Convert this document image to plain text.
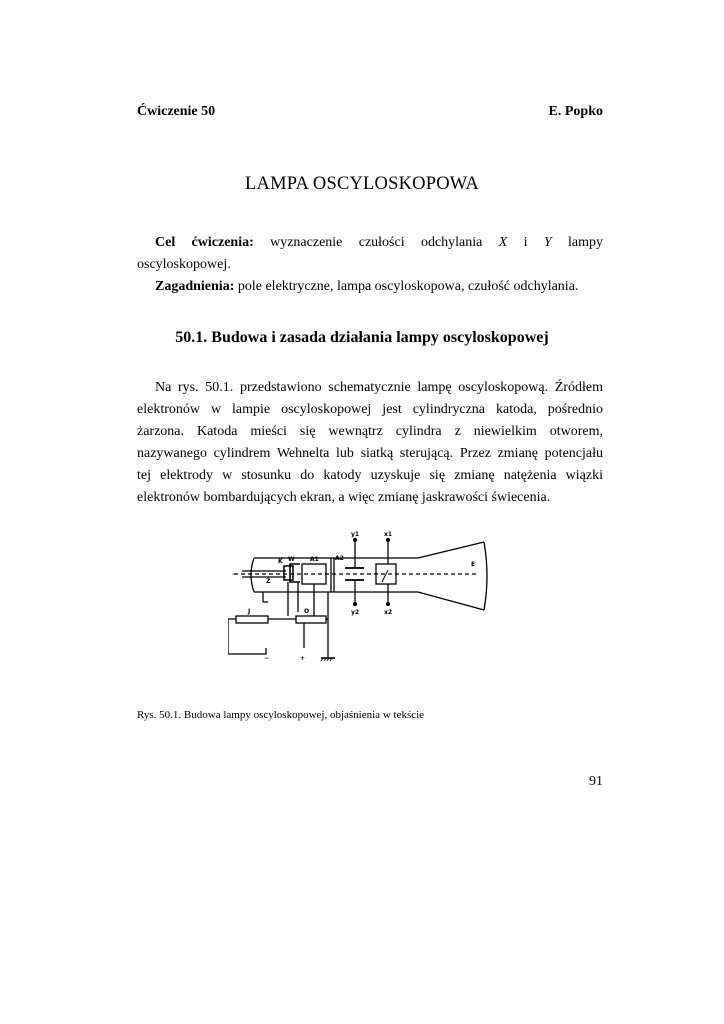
Ćwiczenie 50	E. Popko
LAMPA OSCYLOSKOPOWA
Cel ćwiczenia: wyznaczenie czułości odchylania X i Y lampy
oscyloskopowej.
Zagadnienia: pole elektryczne, lampa oscyloskopowa, czułość odchylania.
50.1. Budowa i zasada działania lampy oscyloskopowej
Na rys. 50.1. przedstawiono schematycznie lampę oscyloskopową. Źródłem
elektronów w lampie oscyloskopowej jest cylindryczna katoda, pośrednio
żarzona. Katoda mieści się wewnątrz cylindra z niewielkim otworem,
nazywanego cylindrem Wehnelta lub siatką sterującą. Przez zmianę potencjału
tej elektrody w stosunku do katody uzyskuje się zmianę natężenia wiązki
elektronów bombardujących ekran, a więc zmianę jaskrawości świecenia.
y1
y2
x1
x2
K W	A1	A2
E
Ż
J	O
+
−
~
Rys. 50.1. Budowa lampy oscyloskopowej, objaśnienia w tekście
91
